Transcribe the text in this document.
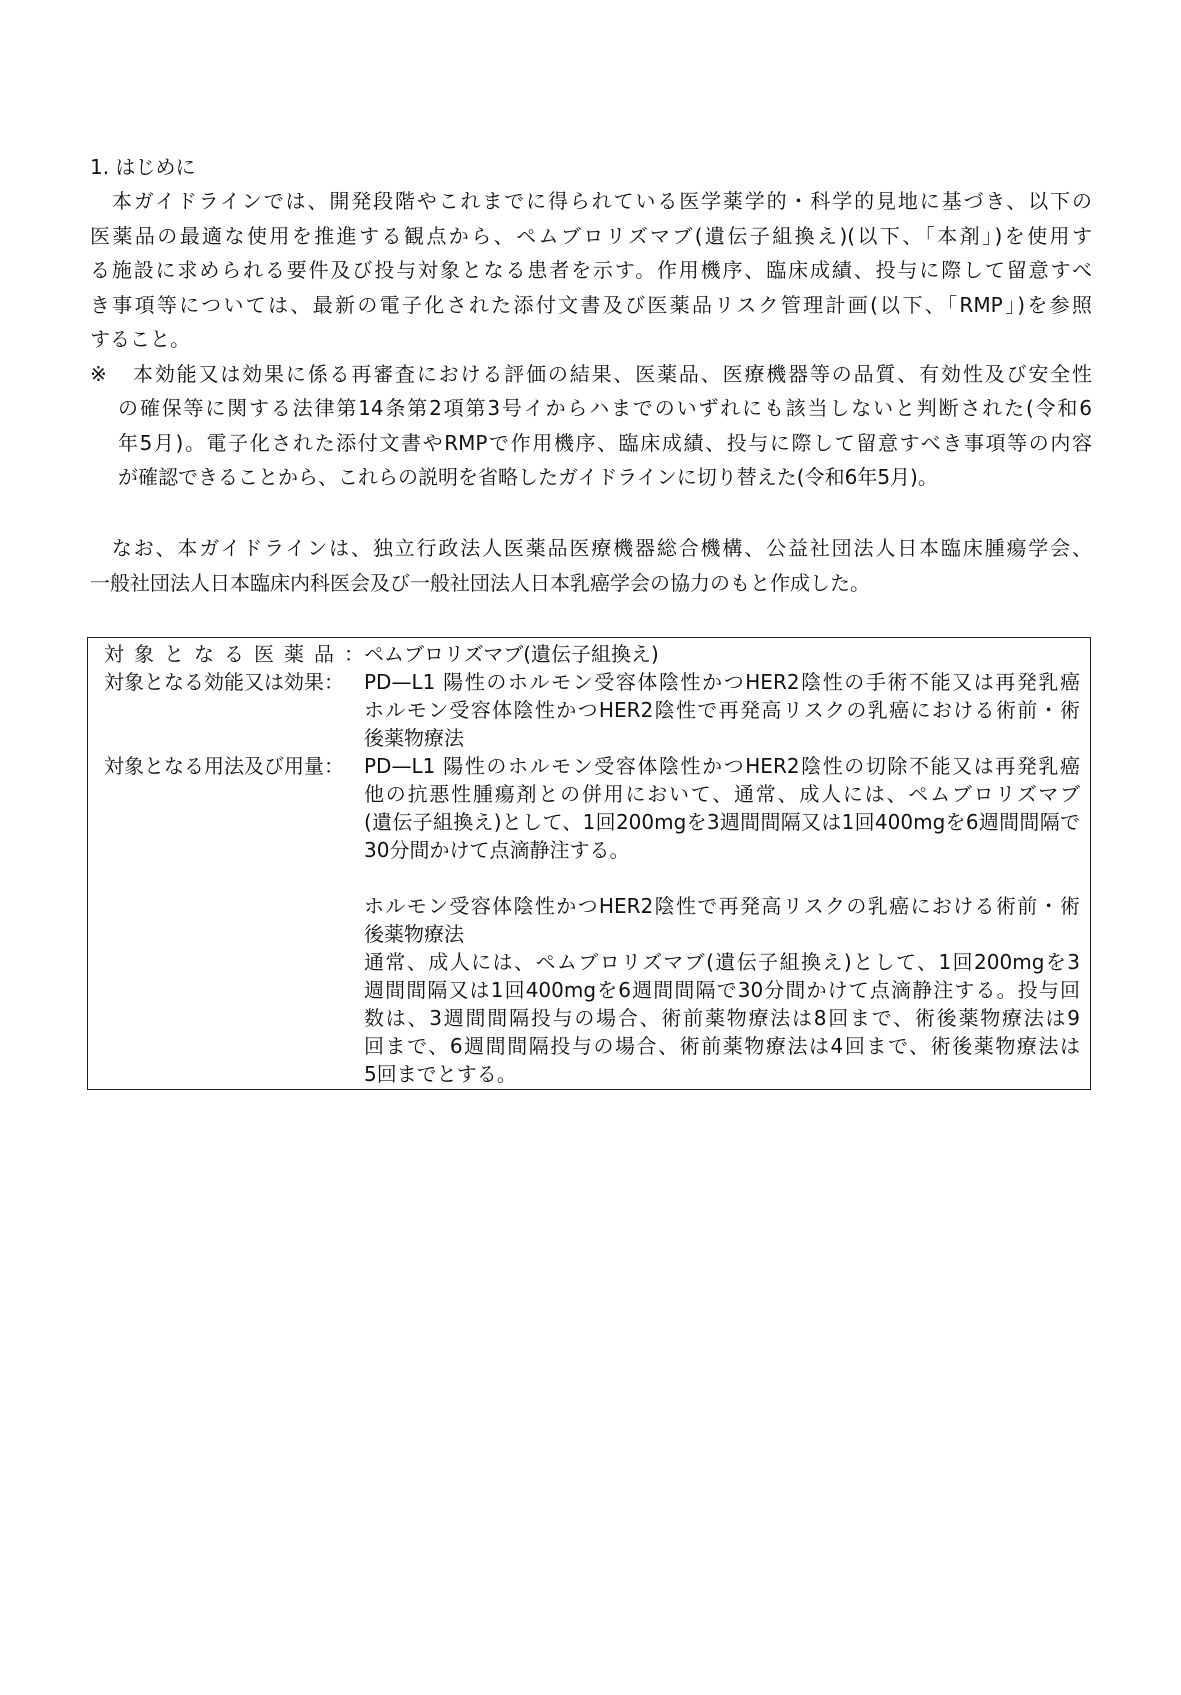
1. はじめに
　本ガイドラインでは、開発段階やこれまでに得られている医学薬学的・科学的見地に基づき、以下の
医薬品の最適な使用を推進する観点から、ペムブロリズマブ(遺伝子組換え)(以下、「本剤」)を使用す
る施設に求められる要件及び投与対象となる患者を示す。作用機序、臨床成績、投与に際して留意すべ
き事項等については、最新の電子化された添付文書及び医薬品リスク管理計画(以下、「RMP」)を参照
すること。
※ 本効能又は効果に係る再審査における評価の結果、医薬品、医療機器等の品質、有効性及び安全性
の確保等に関する法律第14条第2項第3号イからハまでのいずれにも該当しないと判断された(令和6
年5月)。電子化された添付文書やRMPで作用機序、臨床成績、投与に際して留意すべき事項等の内容
が確認できることから、これらの説明を省略したガイドラインに切り替えた(令和6年5月)。
　なお、本ガイドラインは、独立行政法人医薬品医療機器総合機構、公益社団法人日本臨床腫瘍学会、
一般社団法人日本臨床内科医会及び一般社団法人日本乳癌学会の協力のもと作成した。
対象となる医薬品： ペムブロリズマブ(遺伝子組換え)
対象となる効能又は効果： PD—L1 陽性のホルモン受容体陰性かつHER2陰性の手術不能又は再発乳癌
ホルモン受容体陰性かつHER2陰性で再発高リスクの乳癌における術前・術
後薬物療法
対象となる用法及び用量： PD—L1 陽性のホルモン受容体陰性かつHER2陰性の切除不能又は再発乳癌
他の抗悪性腫瘍剤との併用において、通常、成人には、ペムブロリズマブ
(遺伝子組換え)として、1回200mgを3週間間隔又は1回400mgを6週間間隔で
30分間かけて点滴静注する。
ホルモン受容体陰性かつHER2陰性で再発高リスクの乳癌における術前・術
後薬物療法
通常、成人には、ペムブロリズマブ(遺伝子組換え)として、1回200mgを3
週間間隔又は1回400mgを6週間間隔で30分間かけて点滴静注する。投与回
数は、3週間間隔投与の場合、術前薬物療法は8回まで、術後薬物療法は9
回まで、6週間間隔投与の場合、術前薬物療法は4回まで、術後薬物療法は
5回までとする。
